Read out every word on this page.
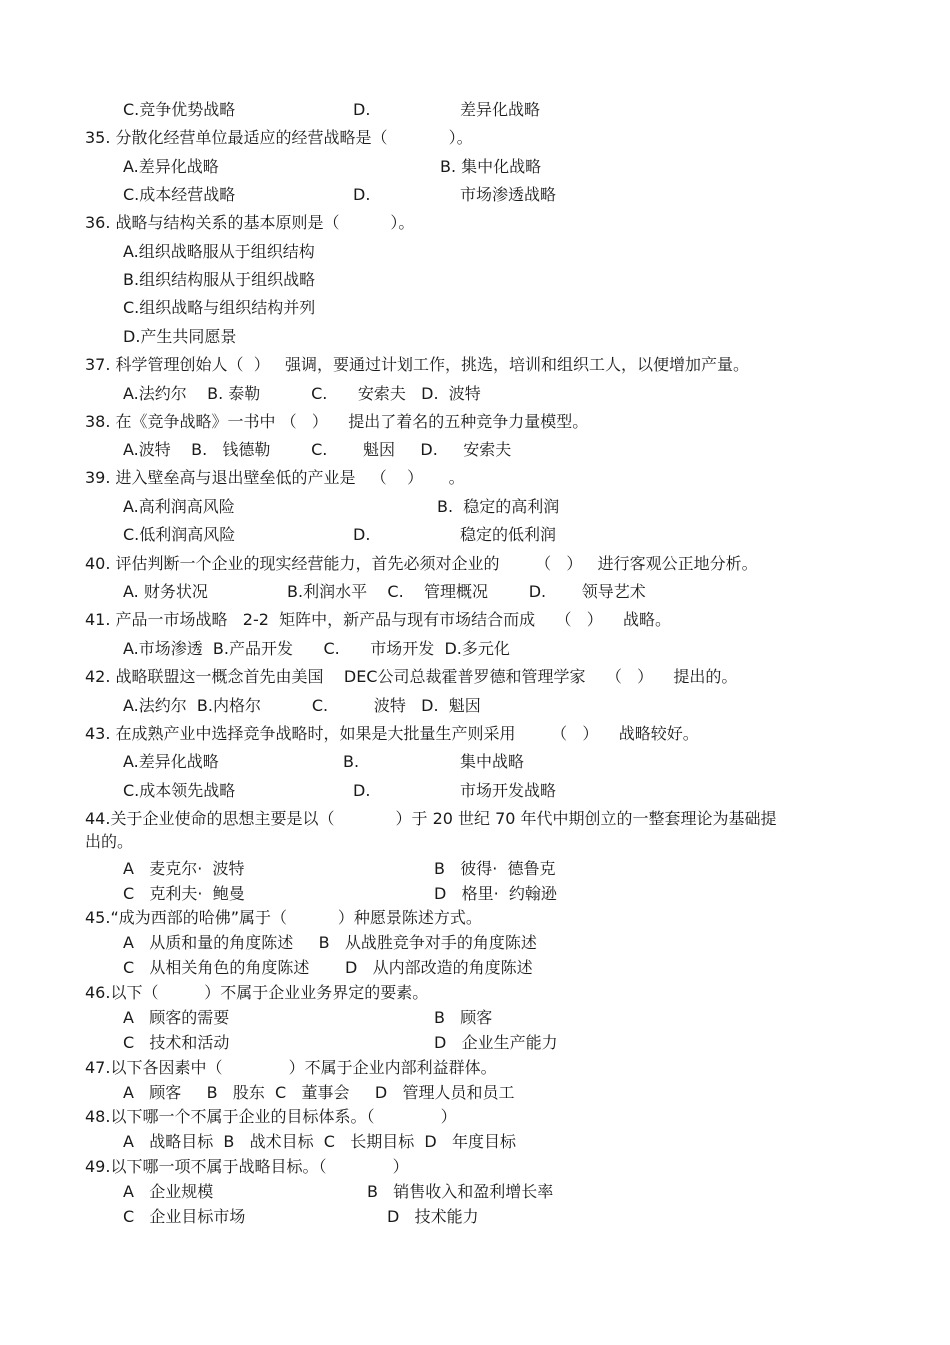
C.竞争优势战略	D.	差异化战略
35. 分散化经营单位最适应的经营战略是（            ）。
A.差异化战略	B. 集中化战略
C.成本经营战略	D.	市场渗透战略
36. 战略与结构关系的基本原则是（          ）。
A.组织战略服从于组织结构
B.组织结构服从于组织战略
C.组织战略与组织结构并列
D.产生共同愿景
37. 科学管理创始人（  ）   强调，要通过计划工作，挑选，培训和组织工人，以便增加产量。
A.法约尔    B. 泰勒          C.      安索夫   D.  波特
38. 在《竞争战略》一书中 （   ）    提出了着名的五种竞争力量模型。
A.波特    B.   钱德勒        C.       魁因     D.     安索夫
39. 进入壁垒高与退出壁垒低的产业是   （    ）     。
A.高利润高风险	B.  稳定的高利润
C.低利润高风险	D.	稳定的低利润
40. 评估判断一个企业的现实经营能力，首先必须对企业的       （   ）   进行客观公正地分析。
A. 财务状况	B.利润水平    C.    管理概况        D.       领导艺术
41. 产品一市场战略   2-2  矩阵中，新产品与现有市场结合而成    （   ）    战略。
A.市场渗透  B.产品开发      C.      市场开发  D.多元化
42. 战略联盟这一概念首先由美国    DEC公司总裁霍普罗德和管理学家    （   ）    提出的。
A.法约尔  B.内格尔          C.         波特   D.  魁因
43. 在成熟产业中选择竞争战略时，如果是大批量生产则采用       （   ）    战略较好。
A.差异化战略	B.	集中战略
C.成本领先战略	D.	市场开发战略
44.关于企业使命的思想主要是以（            ）于 20 世纪 70 年代中期创立的一整套理论为基础提
出的。
A   麦克尔·  波特	B   彼得·  德鲁克
C   克利夫·  鲍曼	D   格里·  约翰逊
45.“成为西部的哈佛”属于（          ）种愿景陈述方式。
A   从质和量的角度陈述     B   从战胜竞争对手的角度陈述
C   从相关角色的角度陈述       D   从内部改造的角度陈述
46.以下（         ）不属于企业业务界定的要素。
A   顾客的需要	B   顾客
C   技术和活动	D   企业生产能力
47.以下各因素中（             ）不属于企业内部利益群体。
A   顾客     B   股东  C   董事会     D   管理人员和员工
48.以下哪一个不属于企业的目标体系。（             ）
A   战略目标  B   战术目标  C   长期目标  D   年度目标
49.以下哪一项不属于战略目标。（             ）
A   企业规模	B   销售收入和盈利增长率
C   企业目标市场	D   技术能力
